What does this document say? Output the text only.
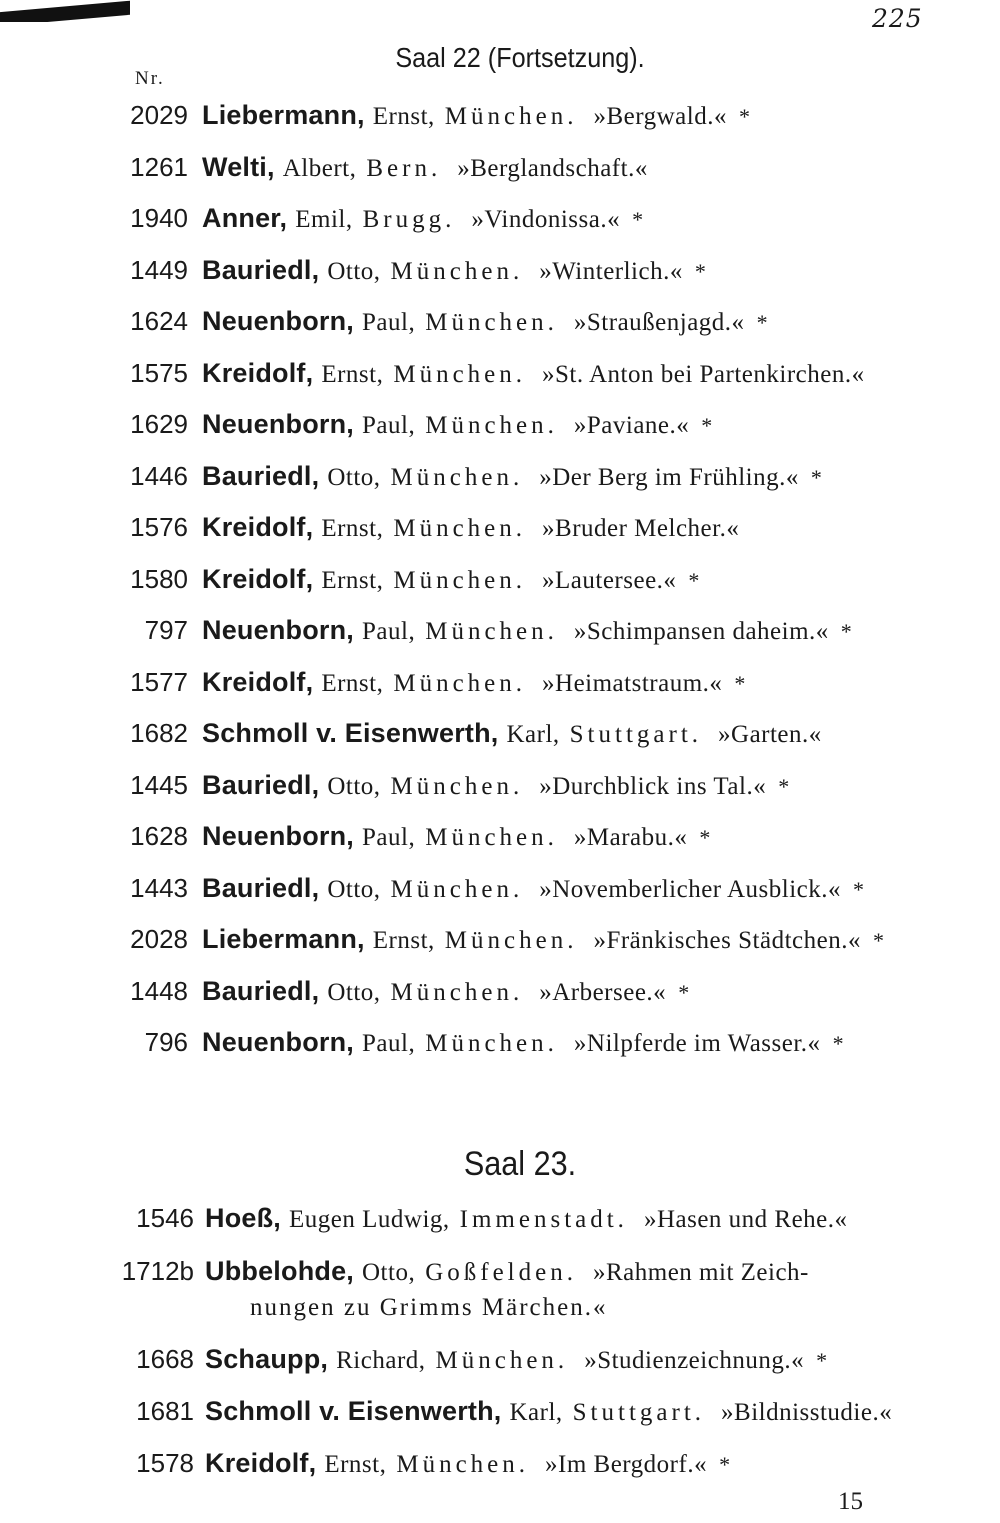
225
Saal 22 (Fortsetzung).
Nr.
2029 Liebermann, Ernst, München. »Bergwald.« *
1261 Welti, Albert, Bern. »Berglandschaft.«
1940 Anner, Emil, Brugg. »Vindonissa.« *
1449 Bauriedl, Otto, München. »Winterlich.« *
1624 Neuenborn, Paul, München. »Straußenjagd.« *
1575 Kreidolf, Ernst, München. »St. Anton bei Partenkirchen.«
1629 Neuenborn, Paul, München. »Paviane.« *
1446 Bauriedl, Otto, München. »Der Berg im Frühling.« *
1576 Kreidolf, Ernst, München. »Bruder Melcher.«
1580 Kreidolf, Ernst, München. »Lautersee.« *
797 Neuenborn, Paul, München. »Schimpansen daheim.« *
1577 Kreidolf, Ernst, München. »Heimatstraum.« *
1682 Schmoll v. Eisenwerth, Karl, Stuttgart. »Garten.«
1445 Bauriedl, Otto, München. »Durchblick ins Tal.« *
1628 Neuenborn, Paul, München. »Marabu.« *
1443 Bauriedl, Otto, München. »Novemberlicher Ausblick.« *
2028 Liebermann, Ernst, München. »Fränkisches Städtchen.« *
1448 Bauriedl, Otto, München. »Arbersee.« *
796 Neuenborn, Paul, München. »Nilpferde im Wasser.« *
Saal 23.
1546 Hoeß, Eugen Ludwig, Immenstadt. »Hasen und Rehe.«
1712b Ubbelohde, Otto, Goßfelden. »Rahmen mit Zeich-
1668 Schaupp, Richard, München. »Studienzeichnung.« *
1681 Schmoll v. Eisenwerth, Karl, Stuttgart. »Bildnisstudie.«
1578 Kreidolf, Ernst, München. »Im Bergdorf.« *
nungen zu Grimms Märchen.«
15
